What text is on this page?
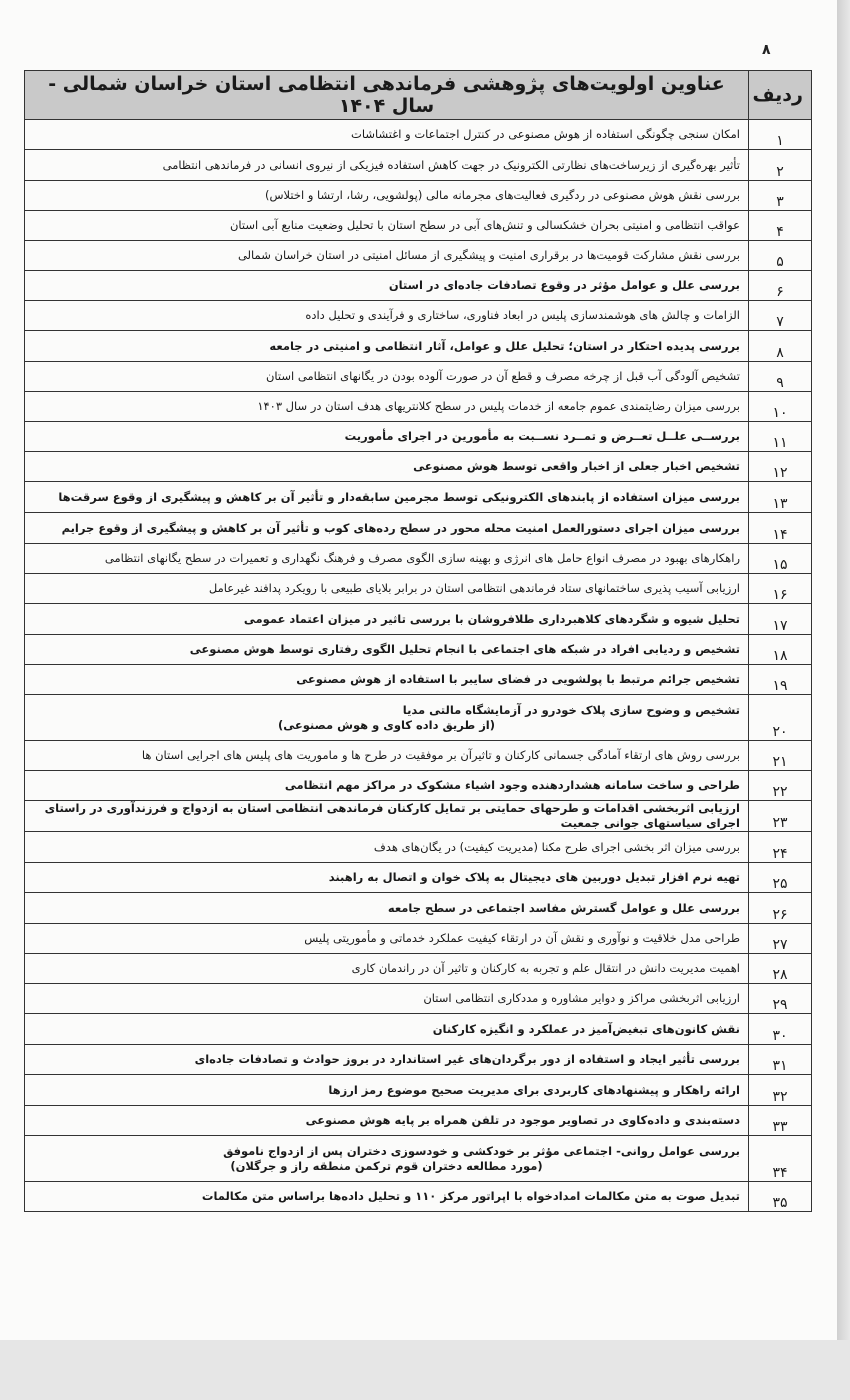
۸
ردیف	عناوین اولویت‌های پژوهشی فرماندهی انتظامی استان خراسان شمالی - سال ۱۴۰۴
۱	امکان سنجی چگونگی استفاده از هوش مصنوعی در کنترل اجتماعات و اغتشاشات
۲	تأثیر بهره‌گیری از زیرساخت‌های نظارتی الکترونیک در جهت کاهش استفاده فیزیکی از نیروی انسانی در فرماندهی انتظامی
۳	بررسی نقش هوش مصنوعی در ردگیری فعالیت‌های مجرمانه مالی (پولشویی، رشا، ارتشا و اختلاس)
۴	عواقب انتظامی و امنیتی بحران خشکسالی و تنش‌های آبی در سطح استان با تحلیل وضعیت منابع آبی استان
۵	بررسی نقش مشارکت قومیت‌ها در برقراری امنیت و پیشگیری از مسائل امنیتی در استان خراسان شمالی
۶	بررسی علل و عوامل مؤثر در وقوع تصادفات جاده‌ای در استان
۷	الزامات و چالش های هوشمندسازی پلیس در ابعاد فناوری، ساختاری و فرآیندی و تحلیل داده
۸	بررسی پدیده احتکار در استان؛ تحلیل علل و عوامل، آثار انتظامی و امنیتی در جامعه
۹	تشخیص آلودگی آب قبل از چرخه مصرف و قطع آن در صورت آلوده بودن در یگانهای انتظامی استان
۱۰	بررسی میزان رضایتمندی عموم جامعه از خدمات پلیس در سطح کلانتریهای هدف استان در سال ۱۴۰۳
۱۱	بررســی علــل تعــرض و تمــرد نســبت به مأمورین در اجرای مأموریت
۱۲	تشخیص اخبار جعلی از اخبار واقعی توسط هوش مصنوعی
۱۳	بررسی میزان استفاده از پابندهای الکترونیکی توسط مجرمین سابقه‌دار و تأثیر آن بر کاهش و پیشگیری از وقوع سرقت‌ها
۱۴	بررسی میزان اجرای دستورالعمل امنیت محله محور در سطح رده‌های کوب و تأثیر آن بر کاهش و پیشگیری از وقوع جرایم
۱۵	راهکارهای بهبود در مصرف انواع حامل های انرژی و بهینه سازی الگوی مصرف و فرهنگ نگهداری و تعمیرات در سطح یگانهای انتظامی
۱۶	ارزیابی آسیب پذیری ساختمانهای ستاد فرماندهی انتظامی استان در برابر بلایای طبیعی با رویکرد پدافند غیرعامل
۱۷	تحلیل شیوه و شگردهای کلاهبرداری طلافروشان با بررسی تاثیر در میزان اعتماد عمومی
۱۸	تشخیص و ردیابی افراد در شبکه های اجتماعی با انجام تحلیل الگوی رفتاری توسط هوش مصنوعی
۱۹	تشخیص جرائم مرتبط با پولشویی در فضای سایبر با استفاده از هوش مصنوعی
۲۰	تشخیص و وضوح سازی پلاک خودرو در آزمایشگاه مالتی مدیا
(از طریق داده کاوی و هوش مصنوعی)

۲۱	بررسی روش های ارتقاء آمادگی جسمانی کارکنان و تاثیرآن بر موفقیت در طرح ها و ماموریت های پلیس های اجرایی استان ها
۲۲	طراحی و ساخت سامانه هشداردهنده وجود اشیاء مشکوک در مراکز مهم انتظامی
۲۳	ارزیابی اثربخشی اقدامات و طرحهای حمایتی بر تمایل کارکنان فرماندهی انتظامی استان به ازدواج و فرزندآوری در راستای اجرای سیاستهای جوانی جمعیت
۲۴	بررسی میزان اثر بخشی اجرای طرح مکنا (مدیریت کیفیت) در یگان‌های هدف
۲۵	تهیه نرم افزار تبدیل دوربین های دیجیتال به پلاک خوان و اتصال به راهبند
۲۶	بررسی علل و عوامل گسترش مفاسد اجتماعی در سطح جامعه
۲۷	طراحی مدل خلاقیت و نوآوری و نقش آن در ارتقاء کیفیت عملکرد خدماتی و مأموریتی پلیس
۲۸	اهمیت مدیریت دانش در انتقال علم و تجربه به کارکنان و تاثیر آن در راندمان کاری
۲۹	ارزیابی اثربخشی مراکز و دوایر مشاوره و مددکاری انتظامی استان
۳۰	نقش کانون‌های تبغیض‌آمیز در عملکرد و انگیزه کارکنان
۳۱	بررسی تأثیر ایجاد و استفاده از دور برگردان‌های غیر استاندارد در بروز حوادث و تصادفات جاده‌ای
۳۲	ارائه راهکار و پیشنهادهای کاربردی برای مدیریت صحیح موضوع رمز ارزها
۳۳	دسته‌بندی و داده‌کاوی در تصاویر موجود در تلفن همراه بر پایه هوش مصنوعی
۳۴	بررسی عوامل روانی- اجتماعی مؤثر بر خودکشی و خودسوزی دختران پس از ازدواج ناموفق
(مورد مطالعه دختران قوم ترکمن منطقه راز و جرگلان)

۳۵	تبدیل صوت به متن مکالمات امدادخواه با اپراتور مرکز ۱۱۰ و تحلیل داده‌ها براساس متن مکالمات
